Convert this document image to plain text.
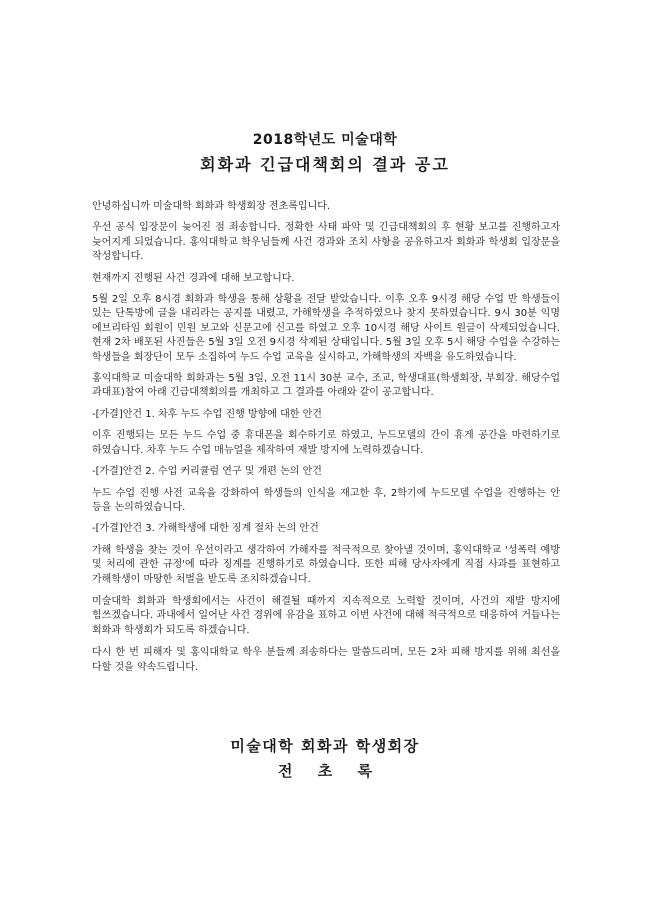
2018학년도 미술대학
회화과 긴급대책회의 결과 공고

안녕하십니까 미술대학 회화과 학생회장 전초록입니다.

우선 공식 입장문이 늦어진 점 죄송합니다. 정확한 사태 파악 및 긴급대책회의 후 현황 보고를 진행하고자 늦어지게 되었습니다. 홍익대학교 학우님들께 사건 경과와 조치 사항을 공유하고자 회화과 학생회 입장문을 작성합니다.

현재까지 진행된 사건 경과에 대해 보고합니다.

5월 2일 오후 8시경 회화과 학생을 통해 상황을 전달 받았습니다. 이후 오후 9시경 해당 수업 반 학생들이 있는 단톡방에 글을 내리라는 공지를 내렸고, 가해학생을 추적하였으나 찾지 못하였습니다. 9시 30분 익명 에브리타임 회원이 민원 보고와 신문고에 신고를 하였고 오후 10시경 해당 사이트 원글이 삭제되었습니다. 현재 2차 배포된 사진들은 5월 3일 오전 9시경 삭제된 상태입니다. 5월 3일 오후 5시 해당 수업을 수강하는 학생들을 회장단이 모두 소집하여 누드 수업 교육을 실시하고, 가해학생의 자백을 유도하였습니다.

홍익대학교 미술대학 회화과는 5월 3일, 오전 11시 30분 교수, 조교, 학생대표(학생회장, 부회장. 해당수업 과대표)참여 아래 긴급대책회의를 개최하고 그 결과를 아래와 같이 공고합니다.

-[가결]안건 1. 차후 누드 수업 진행 방향에 대한 안건

이후 진행되는 모든 누드 수업 중 휴대폰을 회수하기로 하였고, 누드모델의 간이 휴게 공간을 마련하기로 하였습니다. 차후 누드 수업 매뉴얼을 제작하여 재발 방지에 노력하겠습니다.

-[가결]안건 2. 수업 커리큘럼 연구 및 개편 논의 안건

누드 수업 진행 사전 교육을 강화하여 학생들의 인식을 재고한 후, 2학기에 누드모델 수업을 진행하는 안 등을 논의하였습니다.

-[가결]안건 3. 가해학생에 대한 징계 절차 논의 안건

가해 학생을 찾는 것이 우선이라고 생각하여 가해자를 적극적으로 찾아낼 것이며, 홍익대학교 '성폭력 예방 및 처리에 관한 규정'에 따라 징계를 진행하기로 하였습니다. 또한 피해 당사자에게 직접 사과를 표현하고 가해학생이 마땅한 처벌을 받도록 조치하겠습니다.

미술대학 회화과 학생회에서는 사건이 해결될 때까지 지속적으로 노력할 것이며, 사건의 재발 방지에 힘쓰겠습니다. 과내에서 일어난 사건 경위에 유감을 표하고 이번 사건에 대해 적극적으로 대응하여 거듭나는 회화과 학생회가 되도록 하겠습니다.

다시 한 번 피해자 및 홍익대학교 학우 분들께 죄송하다는 말씀드리며, 모든 2차 피해 방지를 위해 최선을 다할 것을 약속드립니다.

미술대학 회화과 학생회장
전 초 록
